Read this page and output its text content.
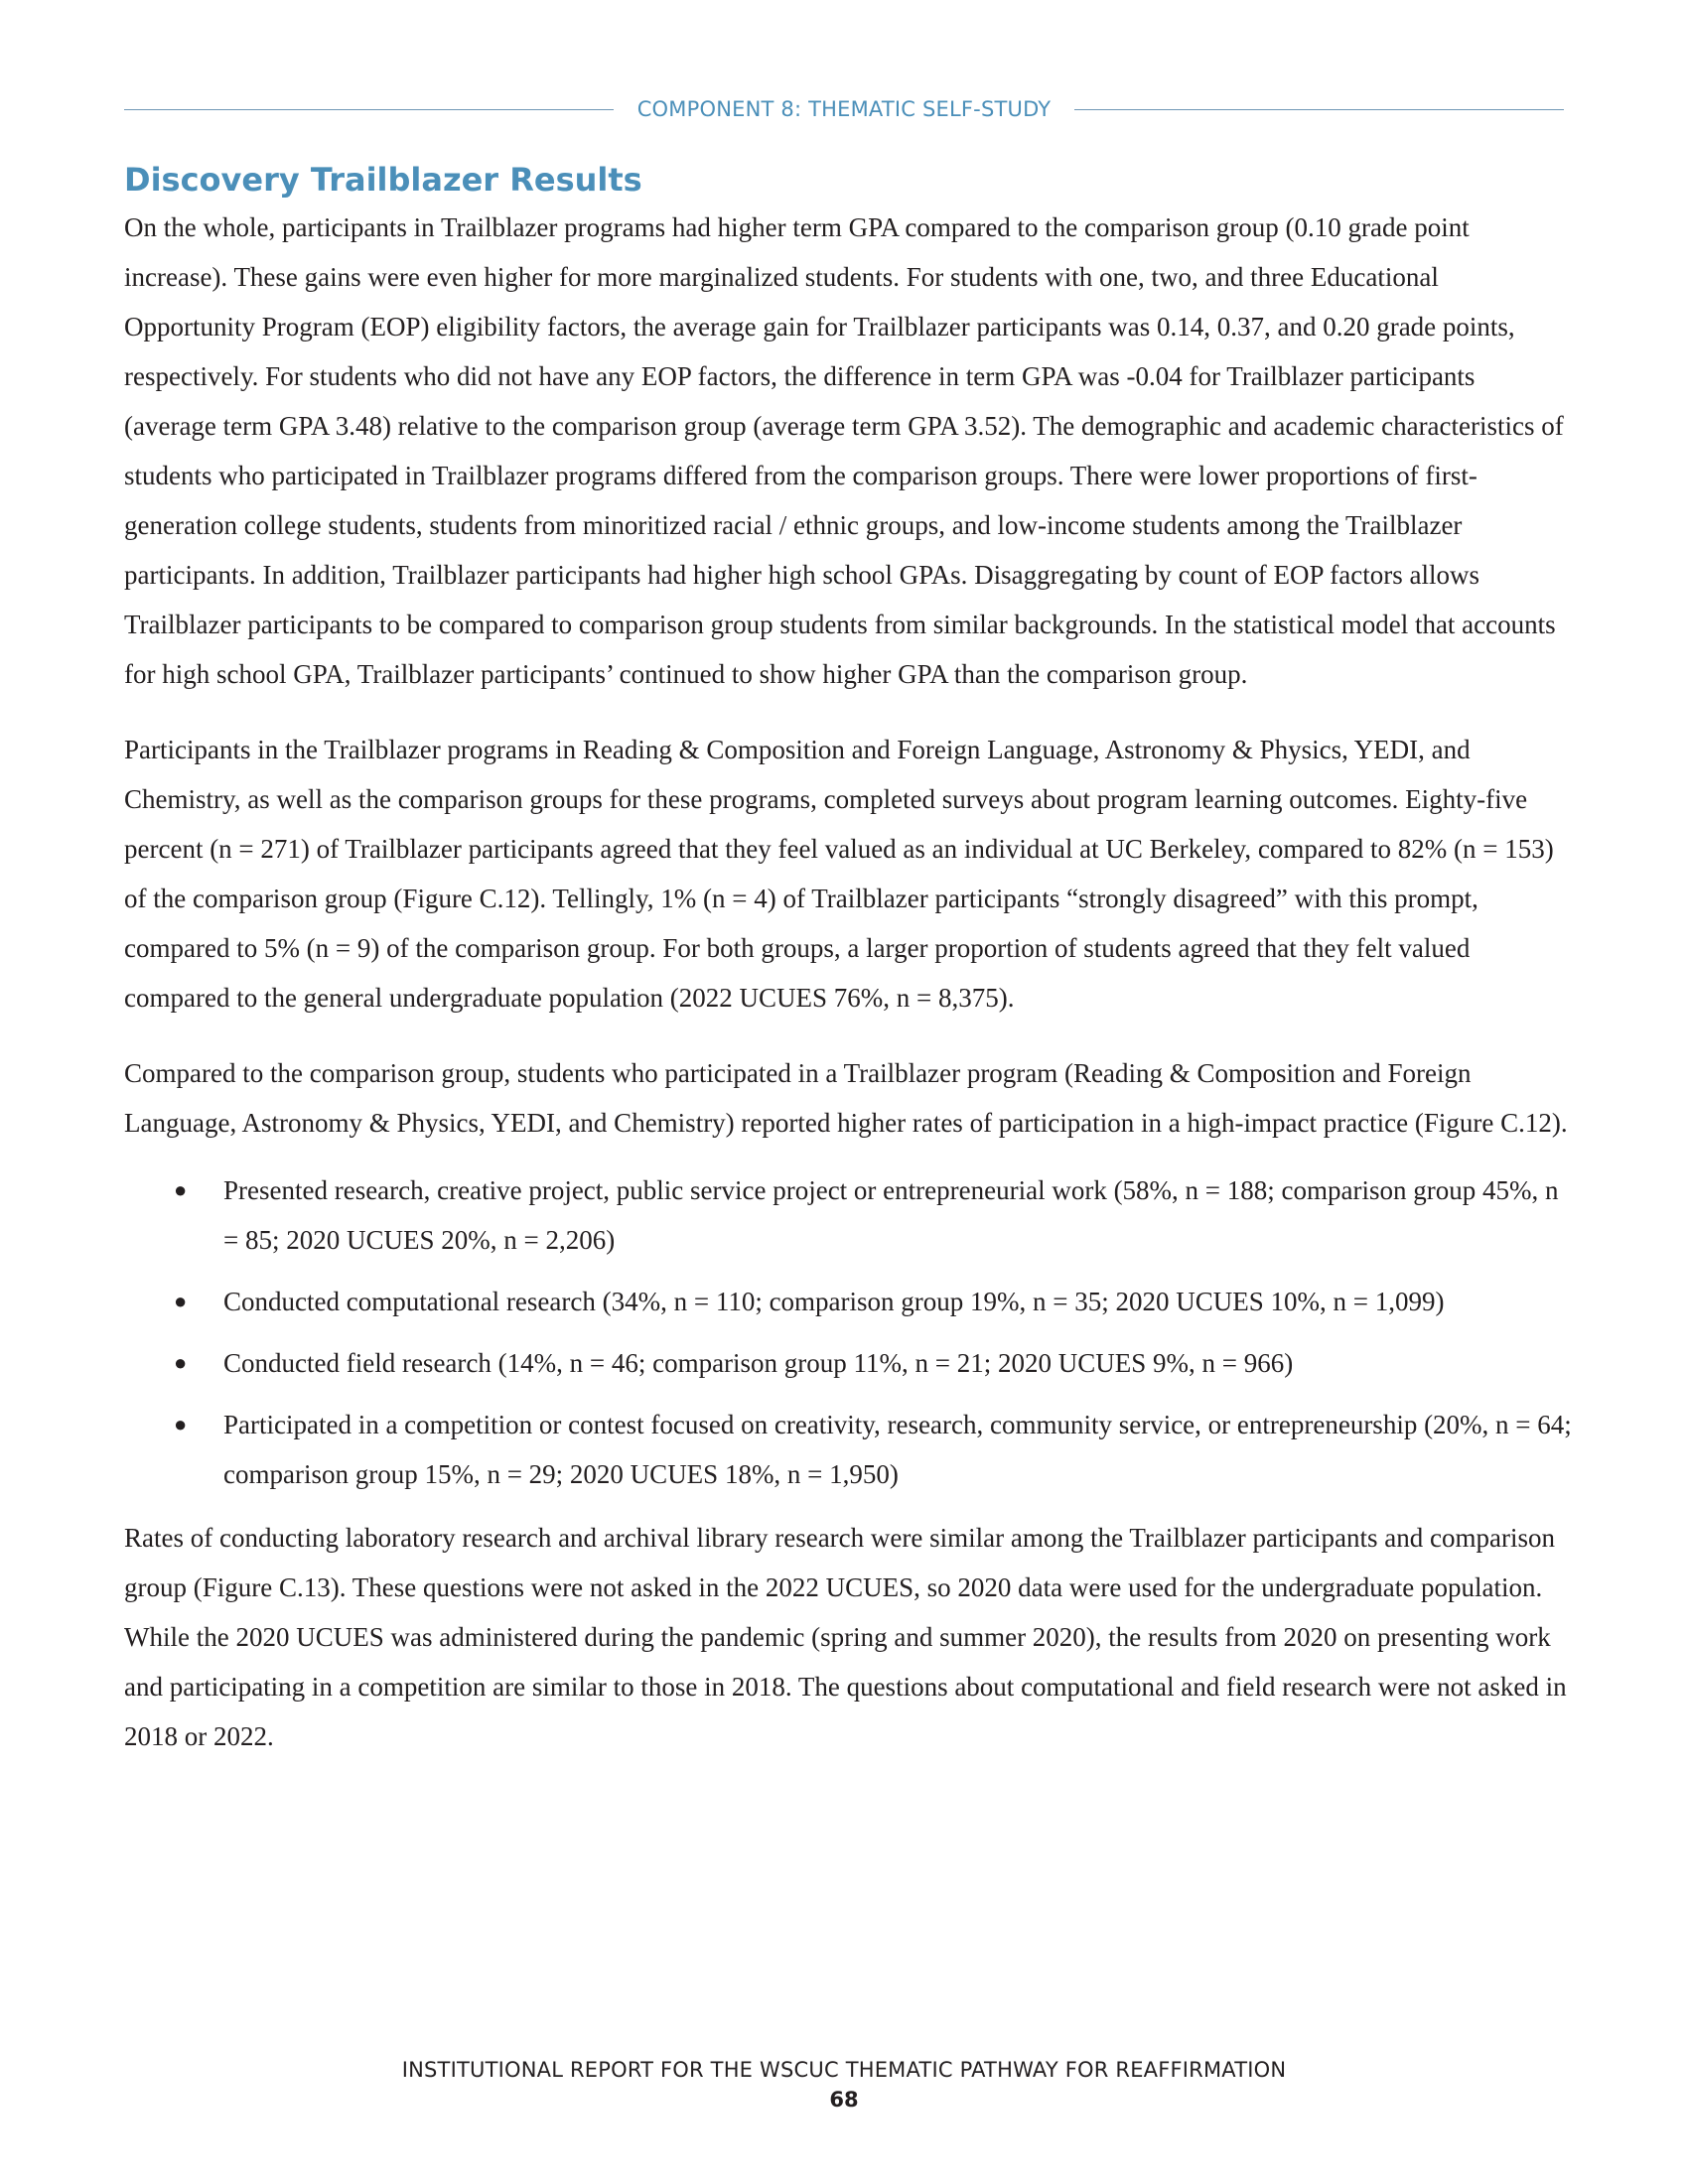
COMPONENT 8: THEMATIC SELF-STUDY
Discovery Trailblazer Results

On the whole, participants in Trailblazer programs had higher term GPA compared to the comparison group (0.10 grade point increase). These gains were even higher for more marginalized students. For students with one, two, and three Educational Opportunity Program (EOP) eligibility factors, the average gain for Trailblazer participants was 0.14, 0.37, and 0.20 grade points, respectively. For students who did not have any EOP factors, the difference in term GPA was -0.04 for Trailblazer participants (average term GPA 3.48) relative to the comparison group (average term GPA 3.52). The demographic and academic characteristics of students who participated in Trailblazer programs differed from the comparison groups. There were lower proportions of first-generation college students, students from minoritized racial / ethnic groups, and low-income students among the Trailblazer participants. In addition, Trailblazer participants had higher high school GPAs. Disaggregating by count of EOP factors allows Trailblazer participants to be compared to comparison group students from similar backgrounds. In the statistical model that accounts for high school GPA, Trailblazer participants’ continued to show higher GPA than the comparison group.

Participants in the Trailblazer programs in Reading & Composition and Foreign Language, Astronomy & Physics, YEDI, and Chemistry, as well as the comparison groups for these programs, completed surveys about program learning outcomes. Eighty-five percent (n = 271) of Trailblazer participants agreed that they feel valued as an individual at UC Berkeley, compared to 82% (n = 153) of the comparison group (Figure C.12). Tellingly, 1% (n = 4) of Trailblazer participants “strongly disagreed” with this prompt, compared to 5% (n = 9) of the comparison group. For both groups, a larger proportion of students agreed that they felt valued compared to the general undergraduate population (2022 UCUES 76%, n = 8,375).

Compared to the comparison group, students who participated in a Trailblazer program (Reading & Composition and Foreign Language, Astronomy & Physics, YEDI, and Chemistry) reported higher rates of participation in a high-impact practice (Figure C.12).

● Presented research, creative project, public service project or entrepreneurial work (58%, n = 188; comparison group 45%, n = 85; 2020 UCUES 20%, n = 2,206)
● Conducted computational research (34%, n = 110; comparison group 19%, n = 35; 2020 UCUES 10%, n = 1,099)
● Conducted field research (14%, n = 46; comparison group 11%, n = 21; 2020 UCUES 9%, n = 966)
● Participated in a competition or contest focused on creativity, research, community service, or entrepreneurship (20%, n = 64; comparison group 15%, n = 29; 2020 UCUES 18%, n = 1,950)

Rates of conducting laboratory research and archival library research were similar among the Trailblazer participants and comparison group (Figure C.13). These questions were not asked in the 2022 UCUES, so 2020 data were used for the undergraduate population. While the 2020 UCUES was administered during the pandemic (spring and summer 2020), the results from 2020 on presenting work and participating in a competition are similar to those in 2018. The questions about computational and field research were not asked in 2018 or 2022.

INSTITUTIONAL REPORT FOR THE WSCUC THEMATIC PATHWAY FOR REAFFIRMATION
68
